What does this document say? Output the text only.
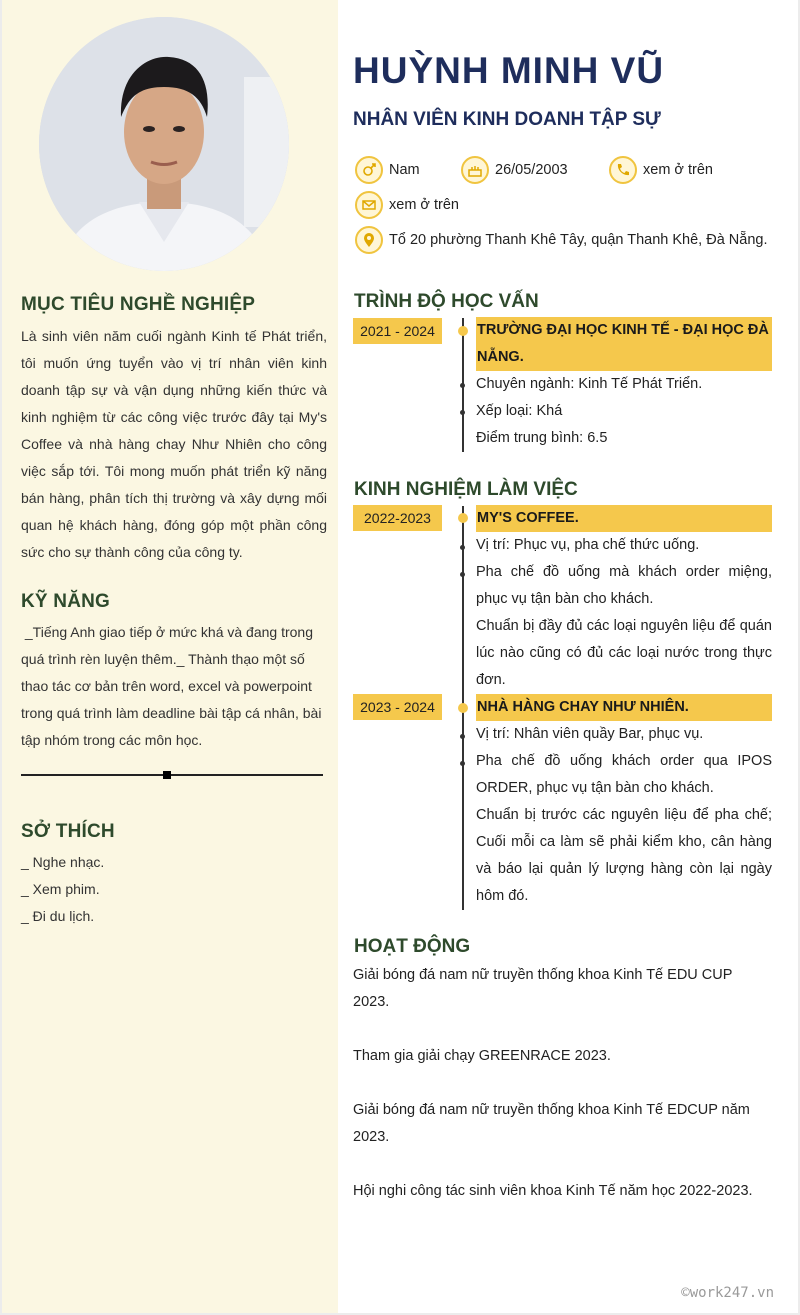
MỤC TIÊU NGHỀ NGHIỆP
Là sinh viên năm cuối ngành Kinh tế Phát triển, tôi muốn ứng tuyển vào vị trí nhân viên kinh doanh tập sự và vận dụng những kiến thức và kinh nghiệm từ các công việc trước đây tại My's Coffee và nhà hàng chay Như Nhiên cho công việc sắp tới. Tôi mong muốn phát triển kỹ năng bán hàng, phân tích thị trường và xây dựng mối quan hệ khách hàng, đóng góp một phần công sức cho sự thành công của công ty.
KỸ NĂNG
_Tiếng Anh giao tiếp ở mức khá và đang trong quá trình rèn luyện thêm._ Thành thạo một số thao tác cơ bản trên word, excel và powerpoint trong quá trình làm deadline bài tập cá nhân, bài tập nhóm trong các môn học.
SỞ THÍCH
_ Nghe nhạc.
_ Xem phim.
_ Đi du lịch.
HUỲNH MINH VŨ
NHÂN VIÊN KINH DOANH TẬP SỰ
Nam	26/05/2003	xem ở trên
xem ở trên
Tổ 20 phường Thanh Khê Tây, quận Thanh Khê, Đà Nẵng.
TRÌNH ĐỘ HỌC VẤN
2021 - 2024	TRƯỜNG ĐẠI HỌC KINH TẾ - ĐẠI HỌC ĐÀ NẴNG.
Chuyên ngành: Kinh Tế Phát Triển.
Xếp loại: Khá
Điểm trung bình: 6.5
KINH NGHIỆM LÀM VIỆC
2022-2023	MY'S COFFEE.
Vị trí: Phục vụ, pha chế thức uống.
Pha chế đồ uống mà khách order miệng, phục vụ tận bàn cho khách.
Chuẩn bị đầy đủ các loại nguyên liệu để quán lúc nào cũng có đủ các loại nước trong thực đơn.
2023 - 2024	NHÀ HÀNG CHAY NHƯ NHIÊN.
Vị trí: Nhân viên quầy Bar, phục vụ.
Pha chế đồ uống khách order qua IPOS ORDER, phục vụ tận bàn cho khách.
Chuẩn bị trước các nguyên liệu để pha chế; Cuối mỗi ca làm sẽ phải kiểm kho, cân hàng và báo lại quản lý lượng hàng còn lại ngày hôm đó.
HOẠT ĐỘNG
Giải bóng đá nam nữ truyền thống khoa Kinh Tế EDU CUP 2023.
Tham gia giải chạy GREENRACE 2023.
Giải bóng đá nam nữ truyền thống khoa Kinh Tế EDCUP năm 2023.
Hội nghi công tác sinh viên khoa Kinh Tế năm học 2022-2023.
©work247.vn
